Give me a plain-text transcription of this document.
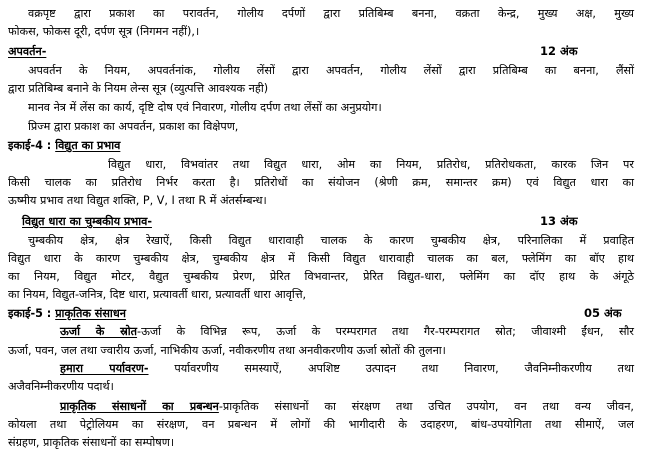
वक्रपृष्ट द्वारा प्रकाश का परावर्तन, गोलीय दर्पणों द्वारा प्रतिबिम्ब बनना, वक्रता केन्द्र, मुख्य अक्ष, मुख्य
फोकस, फोकस दूरी, दर्पण सूत्र (निगमन नहीं),।
अपवर्तन-	12 अंक
अपवर्तन के नियम, अपवर्तनांक, गोलीय लेंसों द्वारा अपवर्तन, गोलीय लेंसों द्वारा प्रतिबिम्ब का बनना, लैंसों
द्वारा प्रतिबिम्ब बनाने के नियम लेन्स सूत्र (व्युत्पत्ति आवश्यक नही)
मानव नेत्र में लेंस का कार्य, दृष्टि दोष एवं निवारण, गोलीय दर्पण तथा लेंसों का अनुप्रयोग।
प्रिज्म द्वारा प्रकाश का अपवर्तन, प्रकाश का विक्षेपण,
इकाई-4 : विद्युत का प्रभाव
विद्युत धारा, विभवांतर तथा विद्युत धारा, ओम का नियम, प्रतिरोध, प्रतिरोधकता, कारक जिन पर
किसी चालक का प्रतिरोध निर्भर करता है। प्रतिरोधों का संयोजन (श्रेणी क्रम, समान्तर क्रम) एवं विद्युत धारा का
ऊष्मीय प्रभाव तथा विद्युत शक्ति, P, V, I तथा R में अंतर्सम्बन्ध।
विद्युत धारा का चुम्बकीय प्रभाव-	13 अंक
चुम्बकीय क्षेत्र, क्षेत्र रेखाऐं, किसी विद्युत धारावाही चालक के कारण चुम्बकीय क्षेत्र, परिनालिका में प्रवाहित
विद्युत धारा के कारण चुम्बकीय क्षेत्र, चुम्बकीय क्षेत्र में किसी विद्युत धारावाही चालक का बल, फ्लेमिंग का बॉए हाथ
का नियम, विद्युत मोटर, वैद्युत चुम्बकीय प्रेरण, प्रेरित विभवान्तर, प्रेरित विद्युत-धारा, फ्लेमिंग का दॉए हाथ के अंगूठे
का नियम, विद्युत-जनित्र, दिष्ट धारा, प्रत्यावर्ती धारा, प्रत्यावर्ती धारा आवृत्ति,
इकाई-5 : प्राकृतिक संसाधन	05 अंक
ऊर्जा के स्रोत-ऊर्जा के विभिन्न रूप, ऊर्जा के परम्परागत तथा गैर-परम्परागत स्रोत; जीवाश्मी ईंधन, सौर
ऊर्जा, पवन, जल तथा ज्वारीय ऊर्जा, नाभिकीय ऊर्जा, नवीकरणीय तथा अनवीकरणीय ऊर्जा स्रोतों की तुलना।
हमारा पर्यावरण- पर्यावरणीय समस्याऐं, अपशिष्ट उत्पादन तथा निवारण, जैवनिम्नीकरणीय तथा
अजैवनिम्नीकरणीय पदार्थ।
प्राकृतिक संसाधनों का प्रबन्धन-प्राकृतिक संसाधनों का संरक्षण तथा उचित उपयोग, वन तथा वन्य जीवन,
कोयला तथा पेट्रोलियम का संरक्षण, वन प्रबन्धन में लोगों की भागीदारी के उदाहरण, बांध-उपयोगिता तथा सीमाऐं, जल
संग्रहण, प्राकृतिक संसाधनों का सम्पोषण।
